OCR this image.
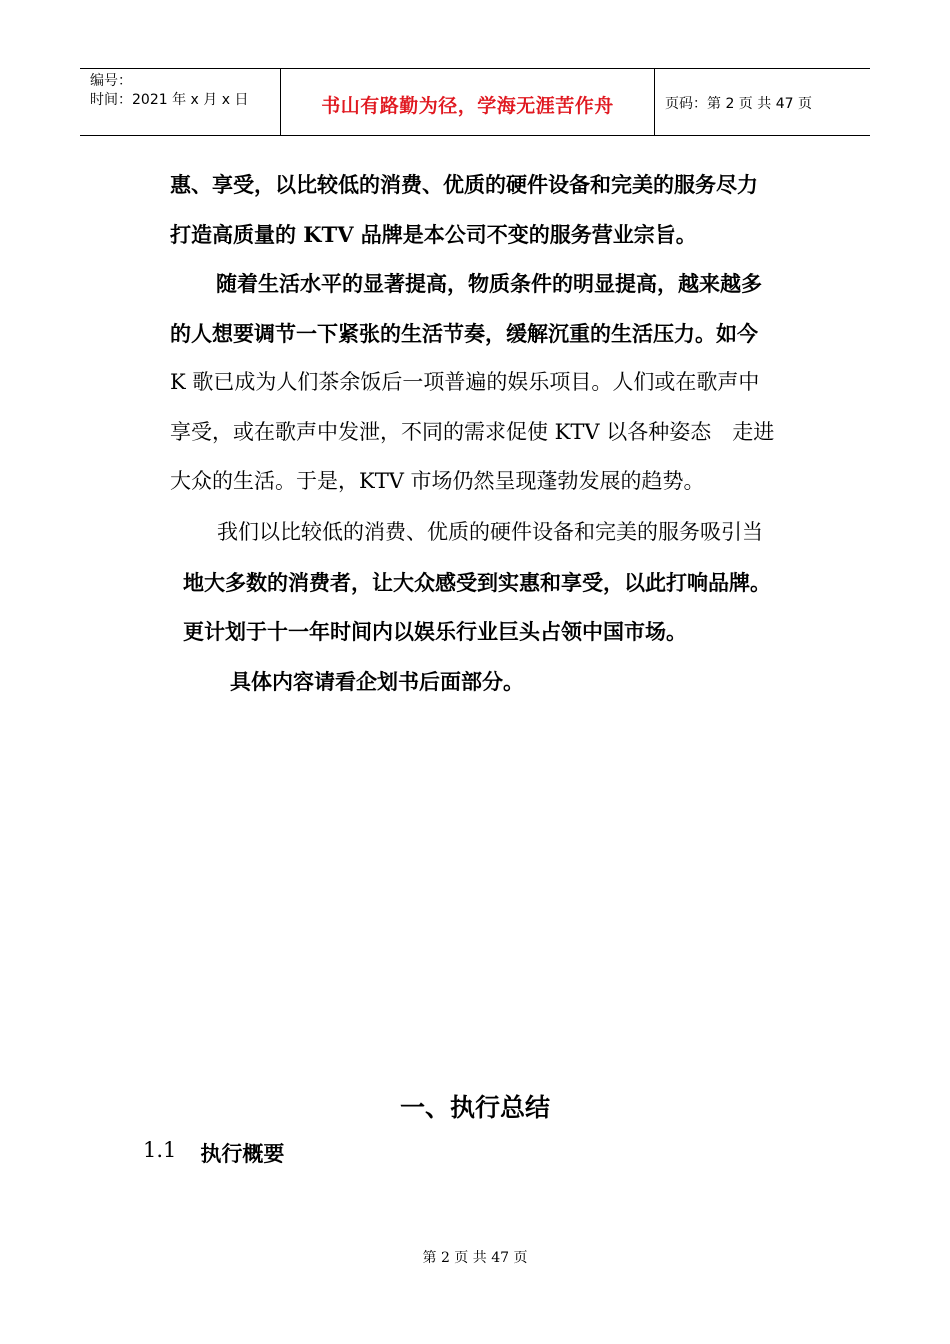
编号：
时间：2021 年 x 月 x 日	书山有路勤为径，学海无涯苦作舟	页码：第 2 页 共 47 页
惠、享受，以比较低的消费、优质的硬件设备和完美的服务尽力
打造高质量的 KTV 品牌是本公司不变的服务营业宗旨。
随着生活水平的显著提高，物质条件的明显提高，越来越多
的人想要调节一下紧张的生活节奏，缓解沉重的生活压力。如今
K 歌已成为人们茶余饭后一项普遍的娱乐项目。人们或在歌声中
享受，或在歌声中发泄，不同的需求促使 KTV 以各种姿态　走进
大众的生活。于是，KTV 市场仍然呈现蓬勃发展的趋势。
我们以比较低的消费、优质的硬件设备和完美的服务吸引当
地大多数的消费者，让大众感受到实惠和享受，以此打响品牌。
更计划于十一年时间内以娱乐行业巨头占领中国市场。
具体内容请看企划书后面部分。
一、执行总结
1.1 执行概要
第 2 页 共 47 页
